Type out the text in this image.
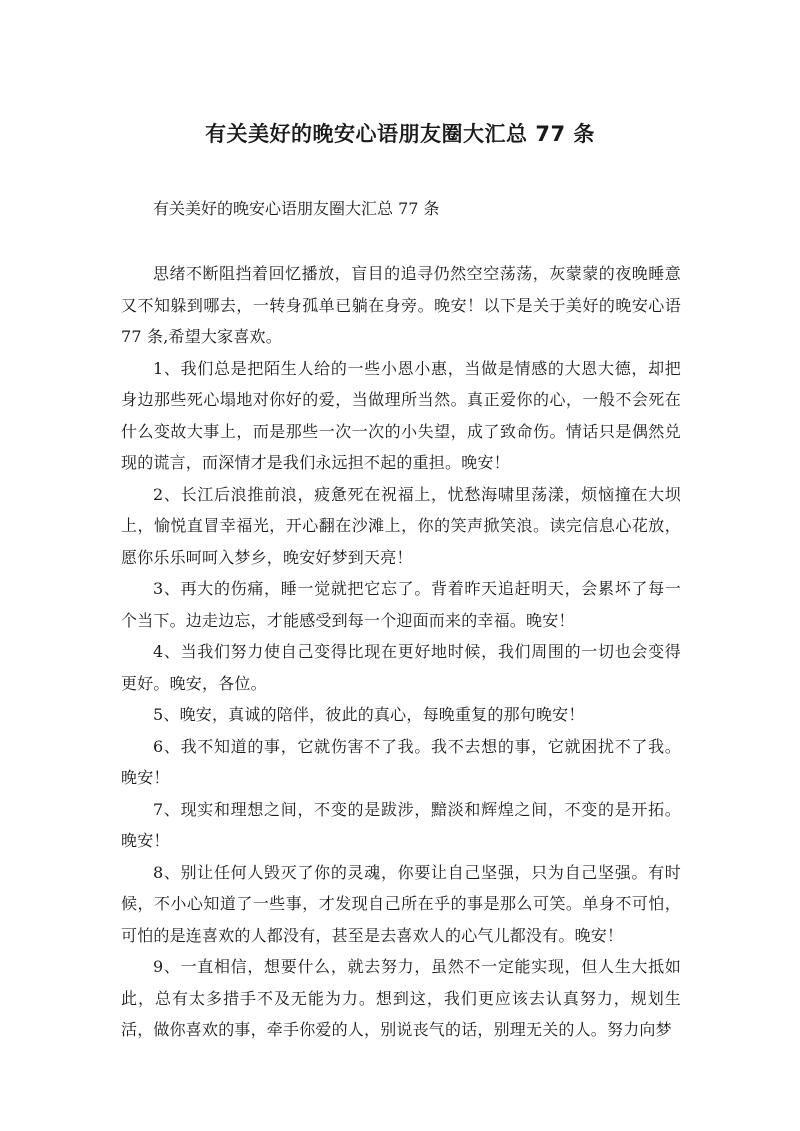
有关美好的晚安心语朋友圈大汇总 77 条

有关美好的晚安心语朋友圈大汇总 77 条

思绪不断阻挡着回忆播放，盲目的追寻仍然空空荡荡，灰蒙蒙的夜晚睡意又不知躲到哪去，一转身孤单已躺在身旁。晚安！以下是关于美好的晚安心语 77 条,希望大家喜欢。

1、我们总是把陌生人给的一些小恩小惠，当做是情感的大恩大德，却把身边那些死心塌地对你好的爱，当做理所当然。真正爱你的心，一般不会死在什么变故大事上，而是那些一次一次的小失望，成了致命伤。情话只是偶然兑现的谎言，而深情才是我们永远担不起的重担。晚安！

2、长江后浪推前浪，疲惫死在祝福上，忧愁海啸里荡漾，烦恼撞在大坝上，愉悦直冒幸福光，开心翻在沙滩上，你的笑声掀笑浪。读完信息心花放，愿你乐乐呵呵入梦乡，晚安好梦到天亮！

3、再大的伤痛，睡一觉就把它忘了。背着昨天追赶明天，会累坏了每一个当下。边走边忘，才能感受到每一个迎面而来的幸福。晚安！

4、当我们努力使自己变得比现在更好地时候，我们周围的一切也会变得更好。晚安，各位。

5、晚安，真诚的陪伴，彼此的真心，每晚重复的那句晚安！

6、我不知道的事，它就伤害不了我。我不去想的事，它就困扰不了我。晚安！

7、现实和理想之间，不变的是跋涉，黯淡和辉煌之间，不变的是开拓。晚安！

8、别让任何人毁灭了你的灵魂，你要让自己坚强，只为自己坚强。有时候，不小心知道了一些事，才发现自己所在乎的事是那么可笑。单身不可怕，可怕的是连喜欢的人都没有，甚至是去喜欢人的心气儿都没有。晚安！

9、一直相信，想要什么，就去努力，虽然不一定能实现，但人生大抵如此，总有太多措手不及无能为力。想到这，我们更应该去认真努力，规划生活，做你喜欢的事，牵手你爱的人，别说丧气的话，别理无关的人。努力向梦
